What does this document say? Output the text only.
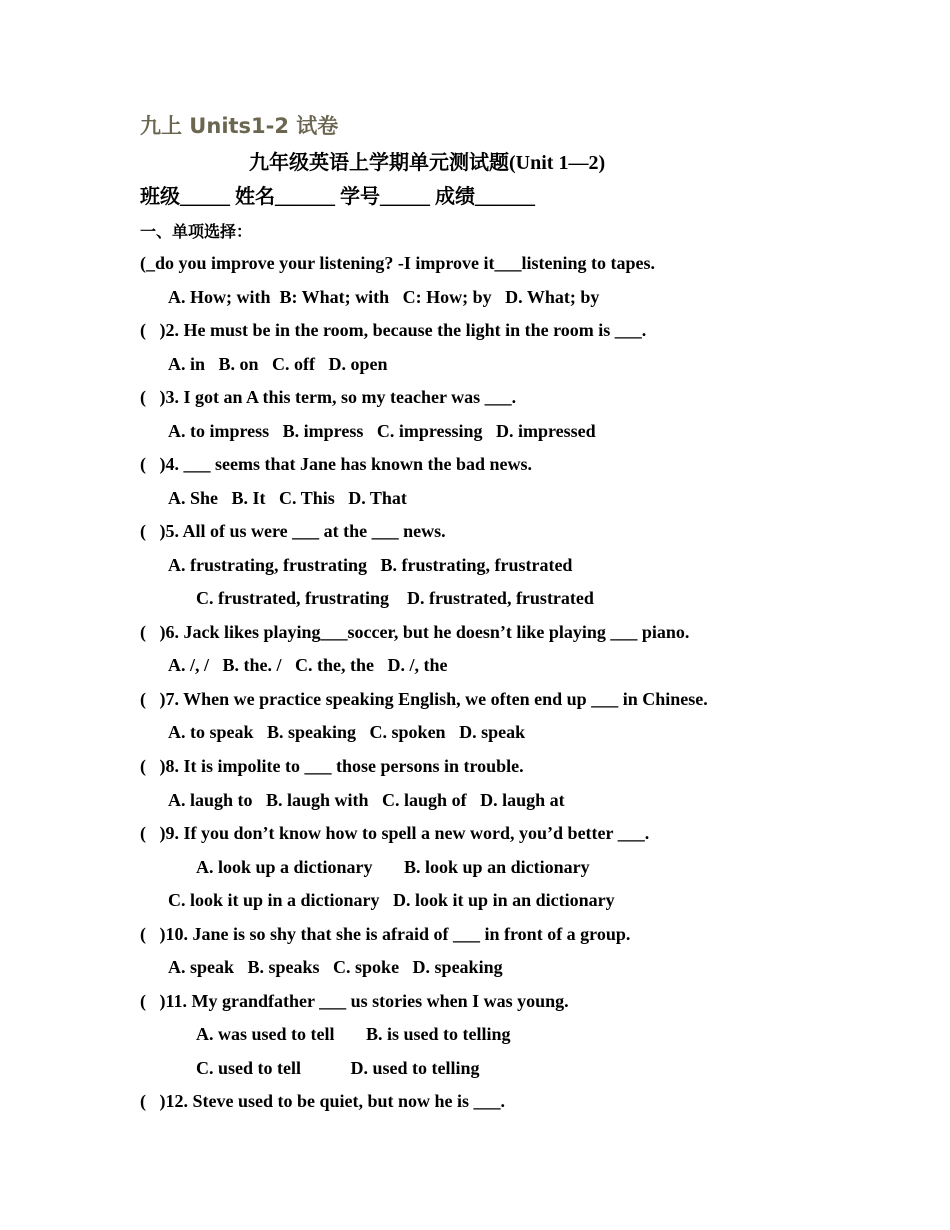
九上 Units1-2 试卷
九年级英语上学期单元测试题(Unit 1—2)
班级_____ 姓名______ 学号_____ 成绩______
一、单项选择：
(_do you improve your listening? -I improve it___listening to tapes.
A. How; with  B: What; with   C: How; by   D. What; by
(   )2. He must be in the room, because the light in the room is ___.
A. in   B. on   C. off   D. open
(   )3. I got an A this term, so my teacher was ___.
A. to impress   B. impress   C. impressing   D. impressed
(   )4. ___ seems that Jane has known the bad news.
A. She   B. It   C. This   D. That
(   )5. All of us were ___ at the ___ news.
A. frustrating, frustrating   B. frustrating, frustrated
C. frustrated, frustrating    D. frustrated, frustrated
(   )6. Jack likes playing___soccer, but he doesn’t like playing ___ piano.
A. /, /   B. the. /   C. the, the   D. /, the
(   )7. When we practice speaking English, we often end up ___ in Chinese.
A. to speak   B. speaking   C. spoken   D. speak
(   )8. It is impolite to ___ those persons in trouble.
A. laugh to   B. laugh with   C. laugh of   D. laugh at
(   )9. If you don’t know how to spell a new word, you’d better ___.
A. look up a dictionary       B. look up an dictionary
C. look it up in a dictionary   D. look it up in an dictionary
(   )10. Jane is so shy that she is afraid of ___ in front of a group.
A. speak   B. speaks   C. spoke   D. speaking
(   )11. My grandfather ___ us stories when I was young.
A. was used to tell       B. is used to telling
C. used to tell           D. used to telling
(   )12. Steve used to be quiet, but now he is ___.
